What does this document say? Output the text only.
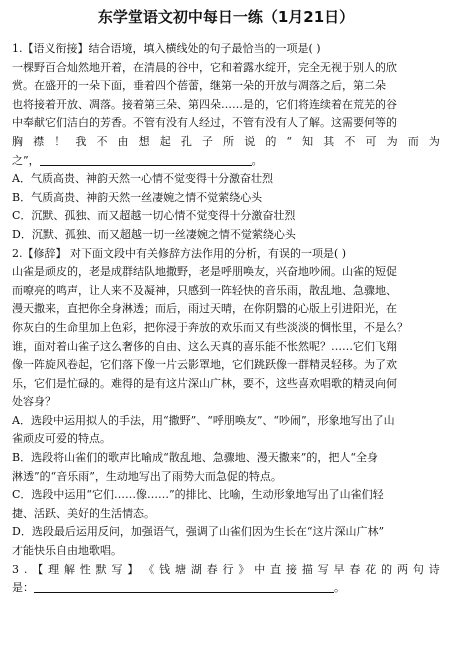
东学堂语文初中每日一练（1月21日）

1.【语义衔接】结合语境，填入横线处的句子最恰当的一项是( )

一棵野百合灿然地开着，在清晨的谷中，它和着露水绽开，完全无视于别人的欣

赏。在盛开的一朵下面，垂着四个蓓蕾，继第一朵的开放与凋落之后，第二朵

也将接着开放、凋落。接着第三朵、第四朵……是的，它们将连续着在荒芜的谷

中奉献它们洁白的芳香。不管有没有人经过，不管有没有人了解。这需要何等的

胸 襟 ！ 我 不 由 想 起 孔 子 所 说 的 “ 知 其 不 可 为 而 为

之”，	。

A．气质高贵、神韵天然一心情不觉变得十分激奋壮烈

B．气质高贵、神韵天然一丝凄婉之情不觉萦绕心头

C．沉默、孤独、而又超越一切心情不觉变得十分激奋壮烈

D．沉默、孤独、而又超越一切一丝凄婉之情不觉萦绕心头

2.【修辞】 对下面文段中有关修辞方法作用的分析，有误的一项是( )

山雀是顽皮的，老是成群结队地撒野，老是呼朋唤友，兴奋地吵闹。山雀的短促

而嘹亮的鸣声，让人来不及凝神，只感到一阵轻快的音乐雨，散乱地、急骤地、

漫天撒来，直把你全身淋透；而后，雨过天晴，在你阴翳的心版上引进阳光，在

你灰白的生命里加上色彩，把你浸于奔放的欢乐而又有些淡淡的惆怅里，不是么？

谁，面对着山雀子这么奢侈的自由、这么天真的喜乐能不怅然呢？……它们飞翔

像一阵旋风卷起，它们落下像一片云影罩地，它们跳跃像一群精灵轻移。为了欢

乐，它们是忙碌的。难得的是有这片深山广林，要不，这些喜欢唱歌的精灵向何

处容身？

A．选段中运用拟人的手法，用“撒野”、“呼朋唤友”、“吵闹”，形象地写出了山

雀顽皮可爱的特点。

B．选段将山雀们的歌声比喻成“散乱地、急骤地、漫天撒来”的，把人“全身

淋透”的“音乐雨”，生动地写出了雨势大而急促的特点。

C．选段中运用“它们……像……”的排比、比喻，生动形象地写出了山雀们轻

捷、活跃、美好的生活情态。

D．选段最后运用反问，加强语气，强调了山雀们因为生长在“这片深山广林”

才能快乐自由地歌唱。

3 . 【 理 解 性 默 写 】 《 钱 塘 湖 春 行 》 中 直 接 描 写 早 春 花 的 两 句 诗

是：	。
